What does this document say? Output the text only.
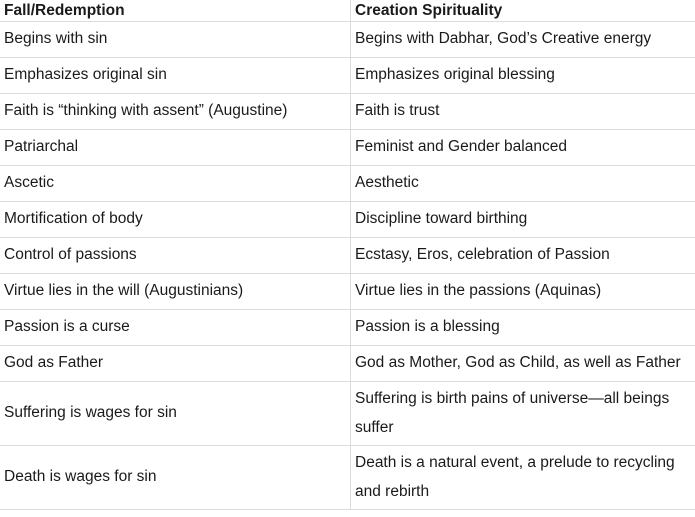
Fall/Redemption	Creation Spirituality
Begins with sin	Begins with Dabhar, God’s Creative energy
Emphasizes original sin	Emphasizes original blessing
Faith is “thinking with assent” (Augustine)	Faith is trust
Patriarchal	Feminist and Gender balanced
Ascetic	Aesthetic
Mortification of body	Discipline toward birthing
Control of passions	Ecstasy, Eros, celebration of Passion
Virtue lies in the will (Augustinians)	Virtue lies in the passions (Aquinas)
Passion is a curse	Passion is a blessing
God as Father	God as Mother, God as Child, as well as Father
Suffering is wages for sin	Suffering is birth pains of universe—all beings suffer
Death is wages for sin	Death is a natural event, a prelude to recycling and rebirth
